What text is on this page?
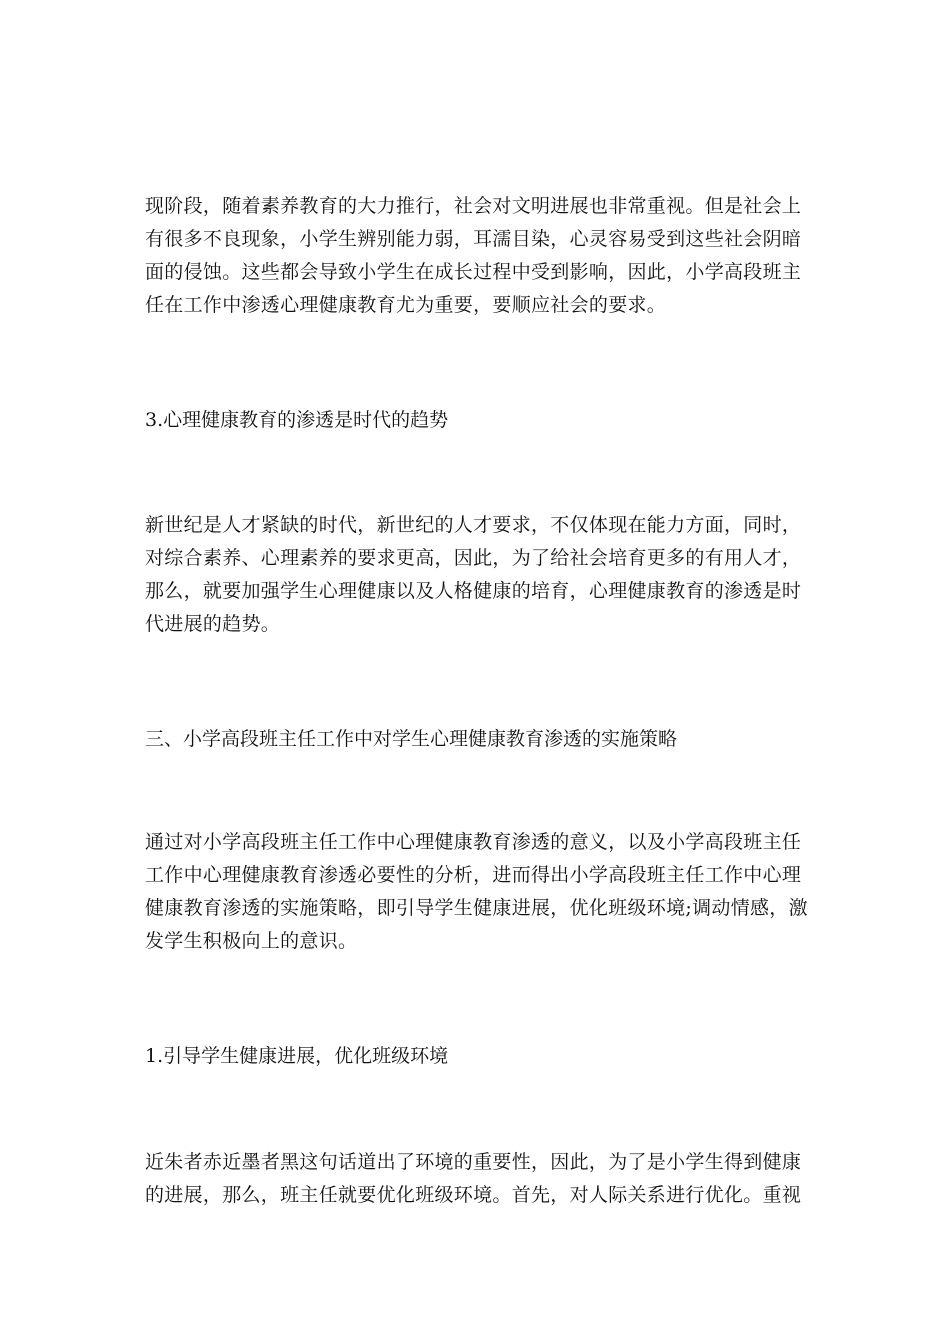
现阶段，随着素养教育的大力推行，社会对文明进展也非常重视。但是社会上
有很多不良现象，小学生辨别能力弱，耳濡目染，心灵容易受到这些社会阴暗
面的侵蚀。这些都会导致小学生在成长过程中受到影响，因此，小学高段班主
任在工作中渗透心理健康教育尤为重要，要顺应社会的要求。
3.心理健康教育的渗透是时代的趋势
新世纪是人才紧缺的时代，新世纪的人才要求，不仅体现在能力方面，同时，
对综合素养、心理素养的要求更高，因此，为了给社会培育更多的有用人才，
那么，就要加强学生心理健康以及人格健康的培育，心理健康教育的渗透是时
代进展的趋势。
三、小学高段班主任工作中对学生心理健康教育渗透的实施策略
通过对小学高段班主任工作中心理健康教育渗透的意义，以及小学高段班主任
工作中心理健康教育渗透必要性的分析，进而得出小学高段班主任工作中心理
健康教育渗透的实施策略，即引导学生健康进展，优化班级环境;调动情感，激
发学生积极向上的意识。
1.引导学生健康进展，优化班级环境
近朱者赤近墨者黑这句话道出了环境的重要性，因此，为了是小学生得到健康
的进展，那么，班主任就要优化班级环境。首先，对人际关系进行优化。重视
